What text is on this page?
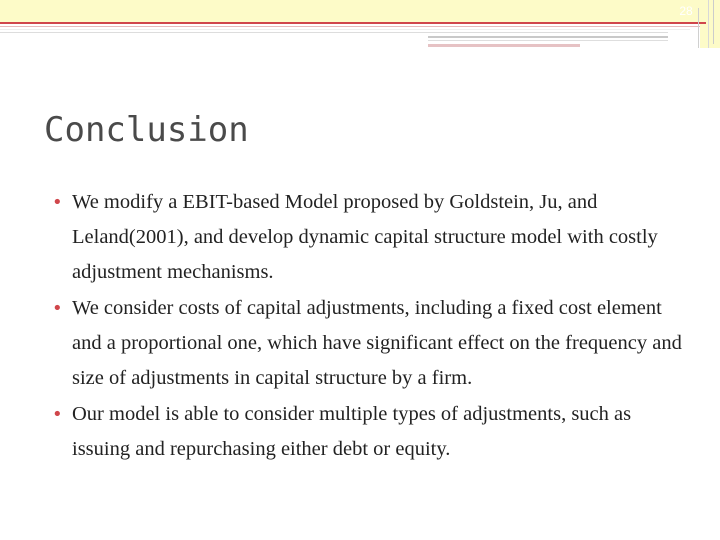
28
Conclusion
• We modify a EBIT-based Model proposed by Goldstein, Ju, and Leland(2001), and develop dynamic capital structure model with costly adjustment mechanisms.
• We consider costs of capital adjustments, including a fixed cost element and a proportional one, which have significant effect on the frequency and size of adjustments in capital structure by a firm.
• Our model is able to consider multiple types of adjustments, such as issuing and repurchasing either debt or equity.
